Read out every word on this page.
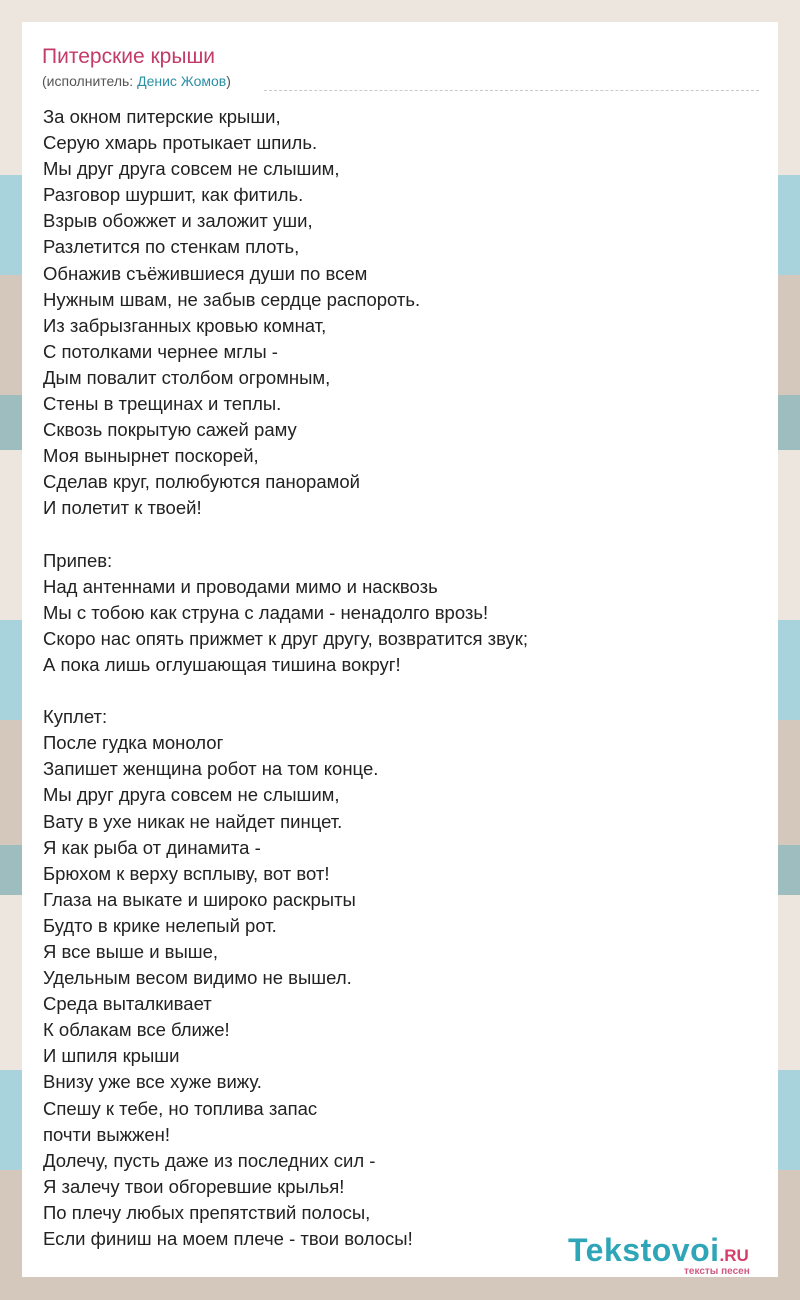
Питерские крыши
(исполнитель: Денис Жомов)
За окном питерские крыши,
Серую хмарь протыкает шпиль.
Мы друг друга совсем не слышим,
Разговор шуршит, как фитиль.
Взрыв обожжет и заложит уши,
Разлетится по стенкам плоть,
Обнажив съёжившиеся души по всем
Нужным швам, не забыв сердце распороть.
Из забрызганных кровью комнат,
С потолками чернее мглы -
Дым повалит столбом огромным,
Стены в трещинах и теплы.
Сквозь покрытую сажей раму
Моя вынырнет поскорей,
Сделав круг, полюбуются панорамой
И полетит к твоей!
Припев:
Над антеннами и проводами мимо и насквозь
Мы с тобою как струна с ладами - ненадолго врозь!
Скоро нас опять прижмет к друг другу, возвратится звук;
А пока лишь оглушающая тишина вокруг!
Куплет:
После гудка монолог
Запишет женщина робот на том конце.
Мы друг друга совсем не слышим,
Вату в ухе никак не найдет пинцет.
Я как рыба от динамита -
Брюхом к верху всплыву, вот вот!
Глаза на выкате и широко раскрыты
Будто в крике нелепый рот.
Я все выше и выше,
Удельным весом видимо не вышел.
Среда выталкивает
К облакам все ближе!
И шпиля крыши
Внизу уже все хуже вижу.
Спешу к тебе, но топлива запас
почти выжжен!
Долечу, пусть даже из последних сил -
Я залечу твои обгоревшие крылья!
По плечу любых препятствий полосы,
Если финиш на моем плече - твои волосы!	Tekstovoi.RU
тексты песен
